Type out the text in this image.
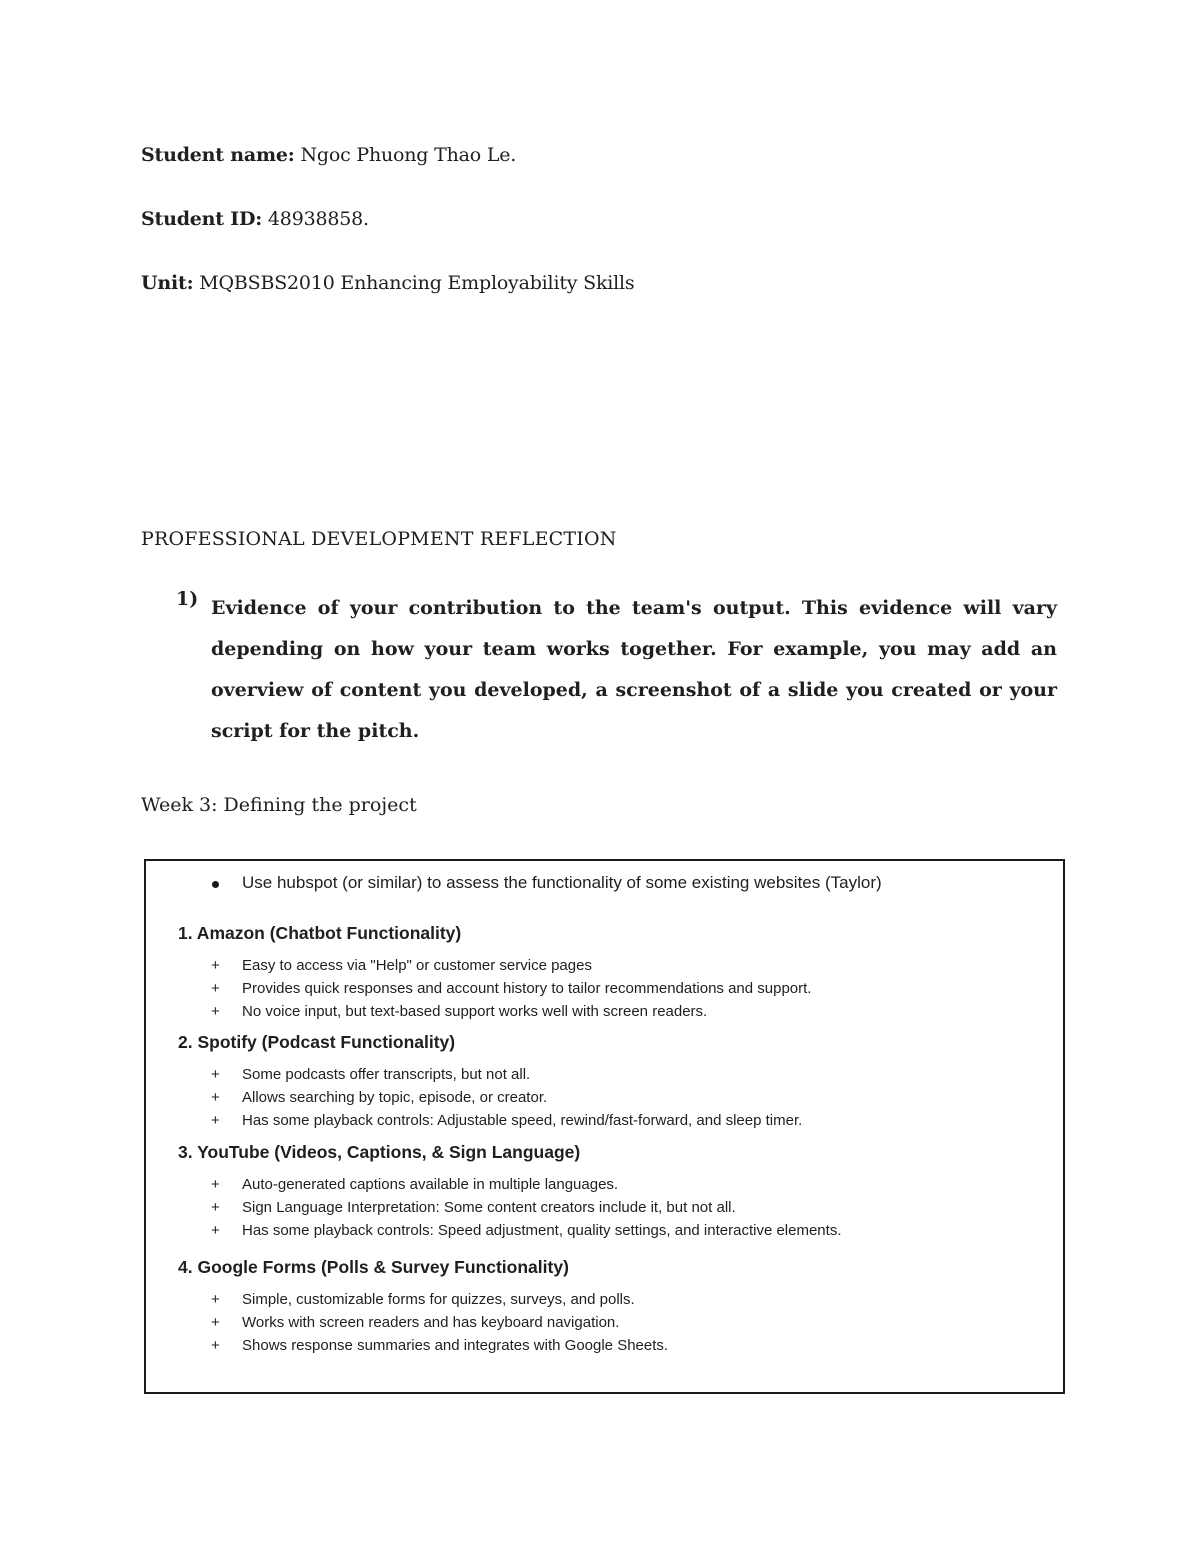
Student name: Ngoc Phuong Thao Le.
Student ID: 48938858.
Unit: MQBSBS2010 Enhancing Employability Skills
PROFESSIONAL DEVELOPMENT REFLECTION
1) Evidence of your contribution to the team's output. This evidence will vary depending on how your team works together. For example, you may add an overview of content you developed, a screenshot of a slide you created or your script for the pitch.
Week 3: Defining the project
Use hubspot (or similar) to assess the functionality of some existing websites (Taylor)
1. Amazon (Chatbot Functionality)
+ Easy to access via "Help" or customer service pages
+ Provides quick responses and account history to tailor recommendations and support.
+ No voice input, but text-based support works well with screen readers.
2. Spotify (Podcast Functionality)
+ Some podcasts offer transcripts, but not all.
+ Allows searching by topic, episode, or creator.
+ Has some playback controls: Adjustable speed, rewind/fast-forward, and sleep timer.
3. YouTube (Videos, Captions, & Sign Language)
+ Auto-generated captions available in multiple languages.
+ Sign Language Interpretation: Some content creators include it, but not all.
+ Has some playback controls: Speed adjustment, quality settings, and interactive elements.
4. Google Forms (Polls & Survey Functionality)
+ Simple, customizable forms for quizzes, surveys, and polls.
+ Works with screen readers and has keyboard navigation.
+ Shows response summaries and integrates with Google Sheets.
